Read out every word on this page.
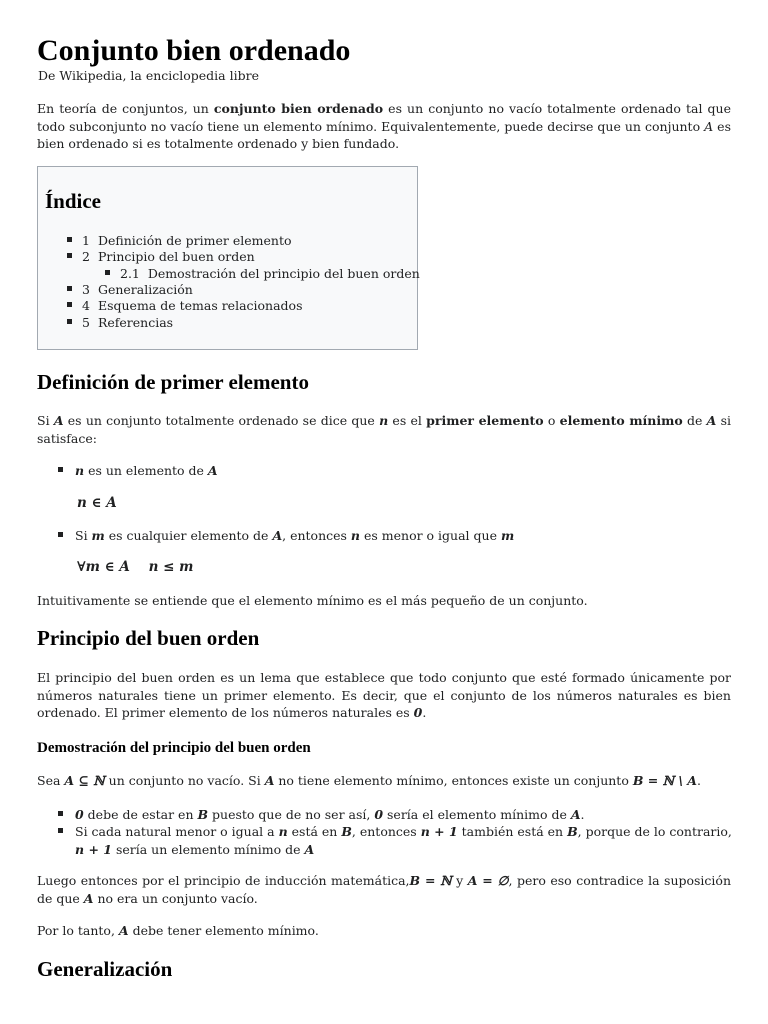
Conjunto bien ordenado
De Wikipedia, la enciclopedia libre
En teoría de conjuntos, un conjunto bien ordenado es un conjunto no vacío totalmente ordenado tal que todo subconjunto no vacío tiene un elemento mínimo. Equivalentemente, puede decirse que un conjunto A es bien ordenado si es totalmente ordenado y bien fundado.
Índice
1 Definición de primer elemento
2 Principio del buen orden
2.1 Demostración del principio del buen orden
3 Generalización
4 Esquema de temas relacionados
5 Referencias
Definición de primer elemento
Si A es un conjunto totalmente ordenado se dice que n es el primer elemento o elemento mínimo de A si satisface:
n es un elemento de A
n ∈ A
Si m es cualquier elemento de A, entonces n es menor o igual que m
∀m ∈ A    n ≤ m
Intuitivamente se entiende que el elemento mínimo es el más pequeño de un conjunto.
Principio del buen orden
El principio del buen orden es un lema que establece que todo conjunto que esté formado únicamente por números naturales tiene un primer elemento. Es decir, que el conjunto de los números naturales es bien ordenado. El primer elemento de los números naturales es 0.
Demostración del principio del buen orden
Sea A ⊆ ℕ un conjunto no vacío. Si A no tiene elemento mínimo, entonces existe un conjunto B = ℕ \ A.
0 debe de estar en B puesto que de no ser así, 0 sería el elemento mínimo de A.
Si cada natural menor o igual a n está en B, entonces n + 1 también está en B, porque de lo contrario,
n + 1 sería un elemento mínimo de A
Luego entonces por el principio de inducción matemática,B = ℕ y A = ∅, pero eso contradice la suposición de que A no era un conjunto vacío.
Por lo tanto, A debe tener elemento mínimo.
Generalización
